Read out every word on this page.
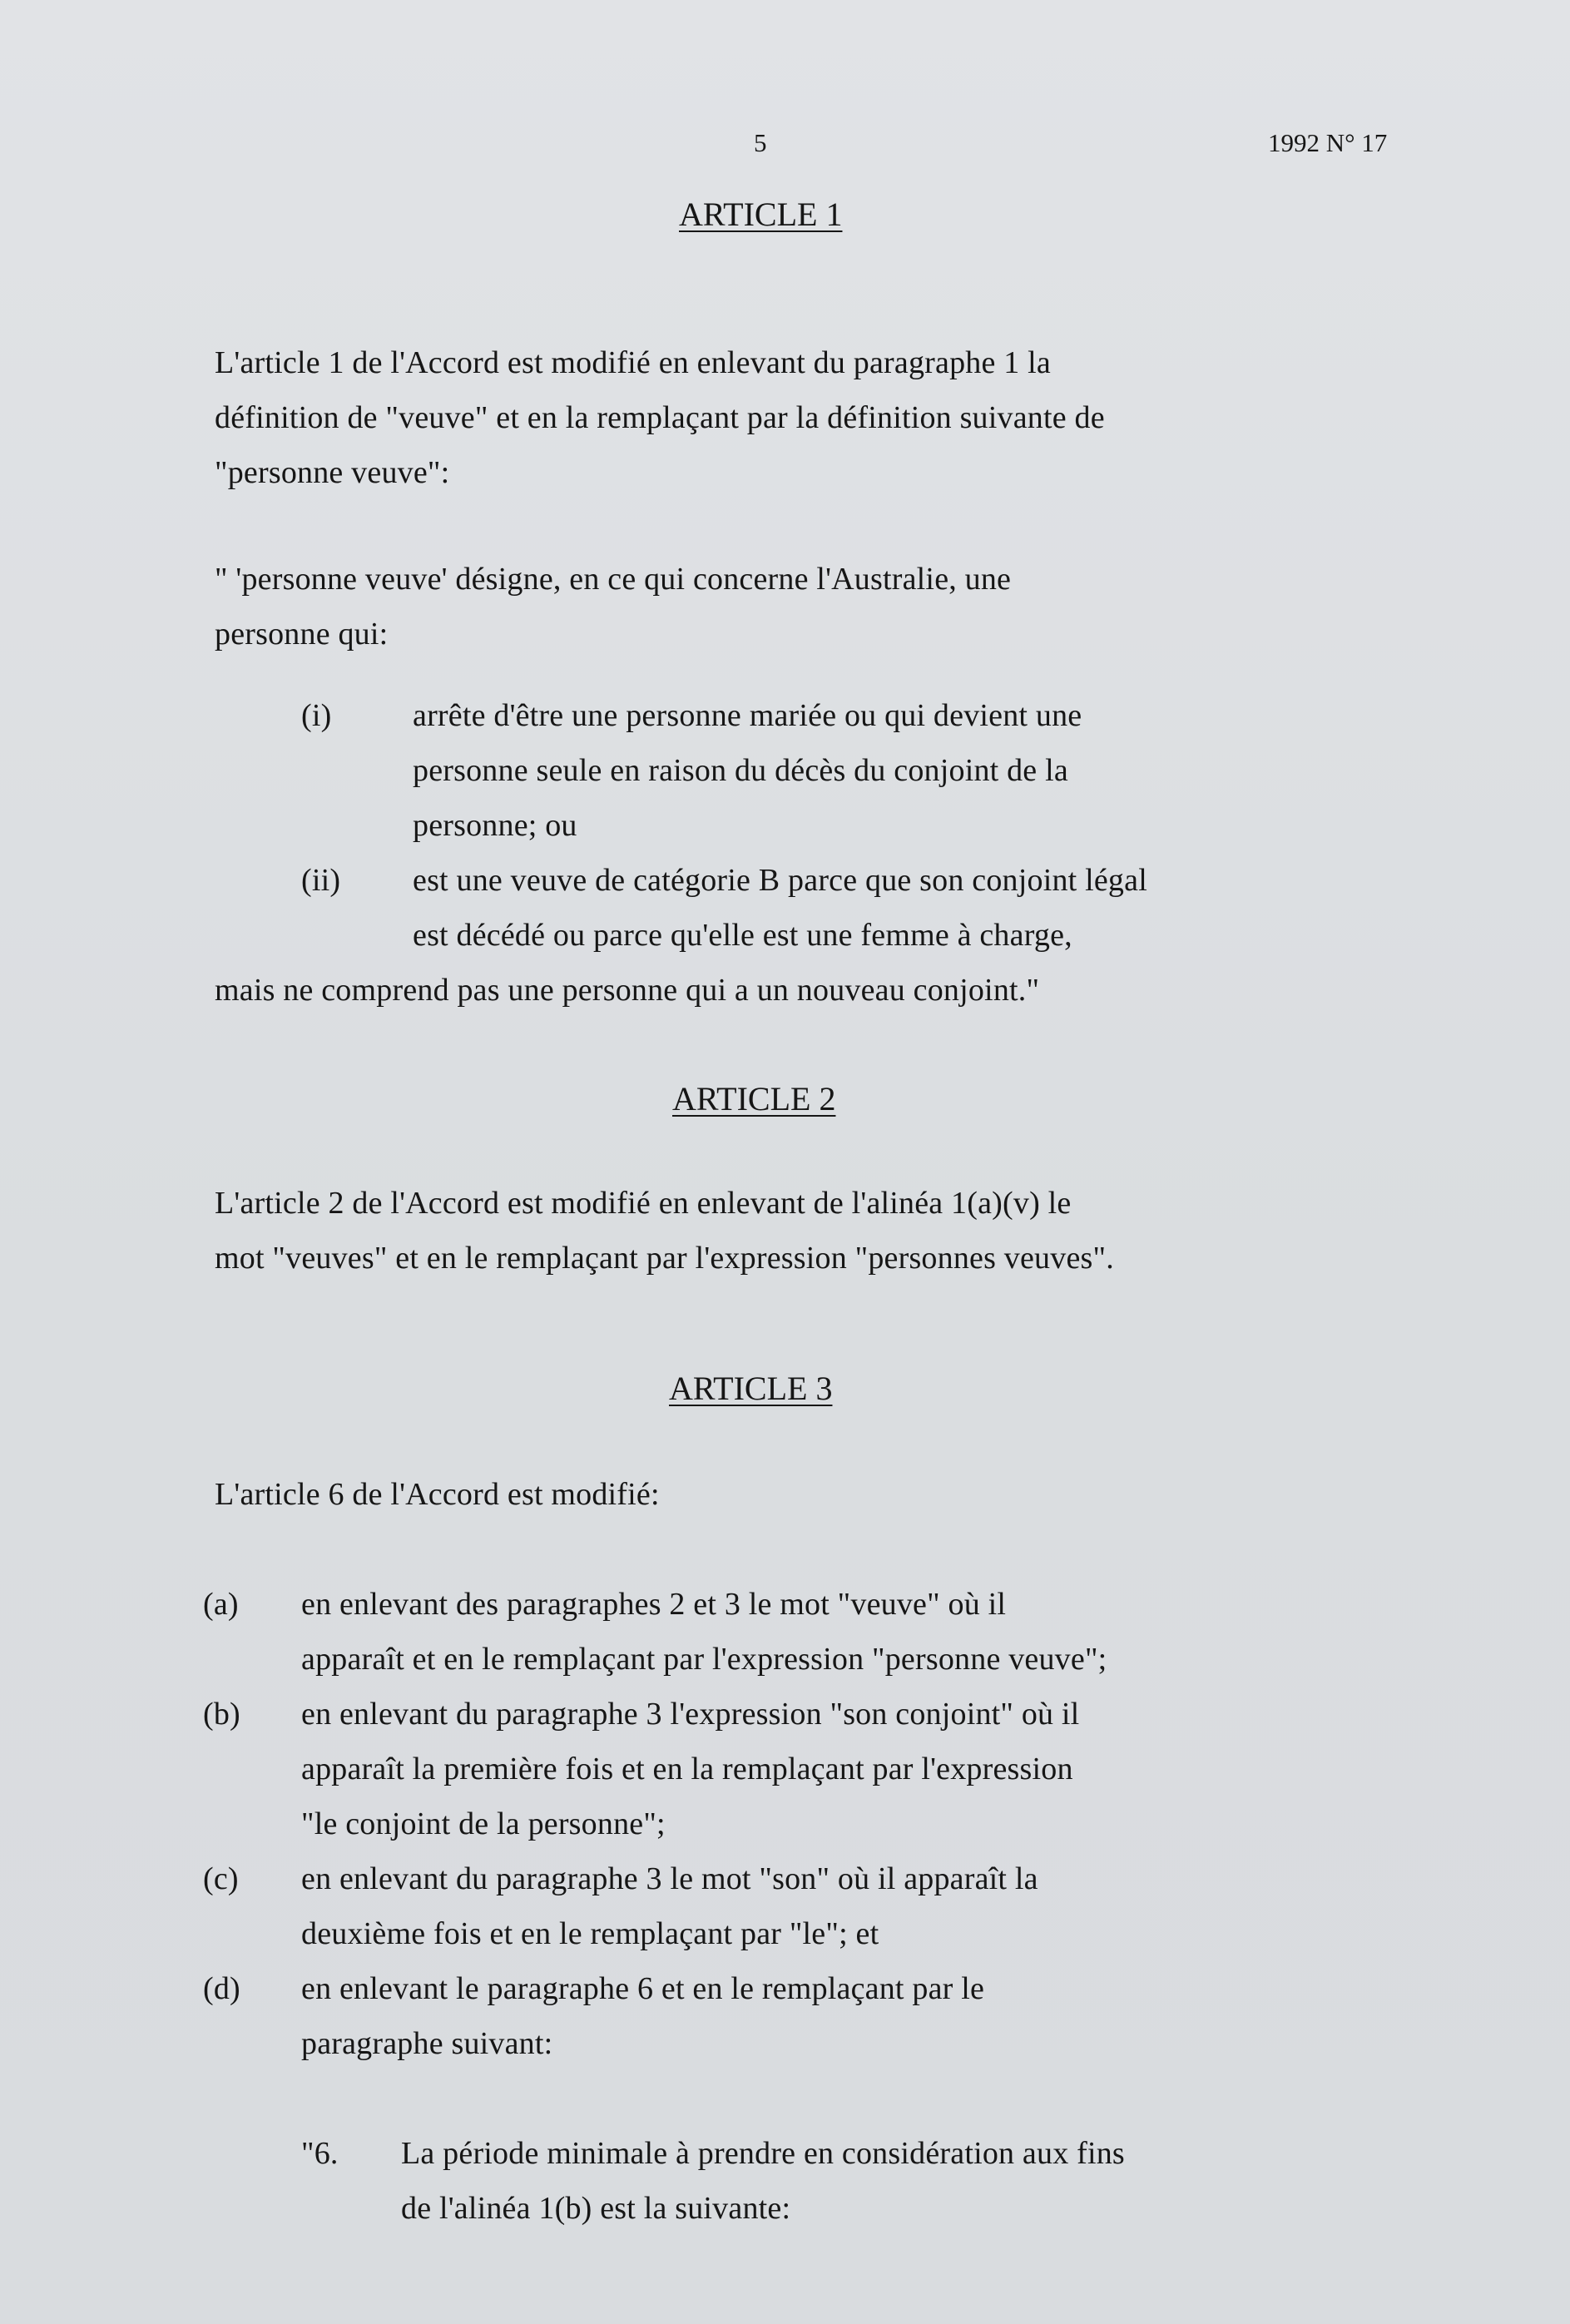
5	1992 N° 17
ARTICLE 1
L'article 1 de l'Accord est modifié en enlevant du paragraphe 1 la
définition de "veuve" et en la remplaçant par la définition suivante de
"personne veuve":
" 'personne veuve' désigne, en ce qui concerne l'Australie, une
personne qui:
(i)	arrête d'être une personne mariée ou qui devient une
personne seule en raison du décès du conjoint de la
personne; ou
(ii) est une veuve de catégorie B parce que son conjoint légal
est décédé ou parce qu'elle est une femme à charge,
mais ne comprend pas une personne qui a un nouveau conjoint."
ARTICLE 2
L'article 2 de l'Accord est modifié en enlevant de l'alinéa 1(a)(v) le
mot "veuves" et en le remplaçant par l'expression "personnes veuves".
ARTICLE 3
L'article 6 de l'Accord est modifié:
(a) en enlevant des paragraphes 2 et 3 le mot "veuve" où il
apparaît et en le remplaçant par l'expression "personne veuve";
(b) en enlevant du paragraphe 3 l'expression "son conjoint" où il
apparaît la première fois et en la remplaçant par l'expression
"le conjoint de la personne";
(c) en enlevant du paragraphe 3 le mot "son" où il apparaît la
deuxième fois et en le remplaçant par "le"; et
(d) en enlevant le paragraphe 6 et en le remplaçant par le
paragraphe suivant:
"6. La période minimale à prendre en considération aux fins
de l'alinéa 1(b) est la suivante:
